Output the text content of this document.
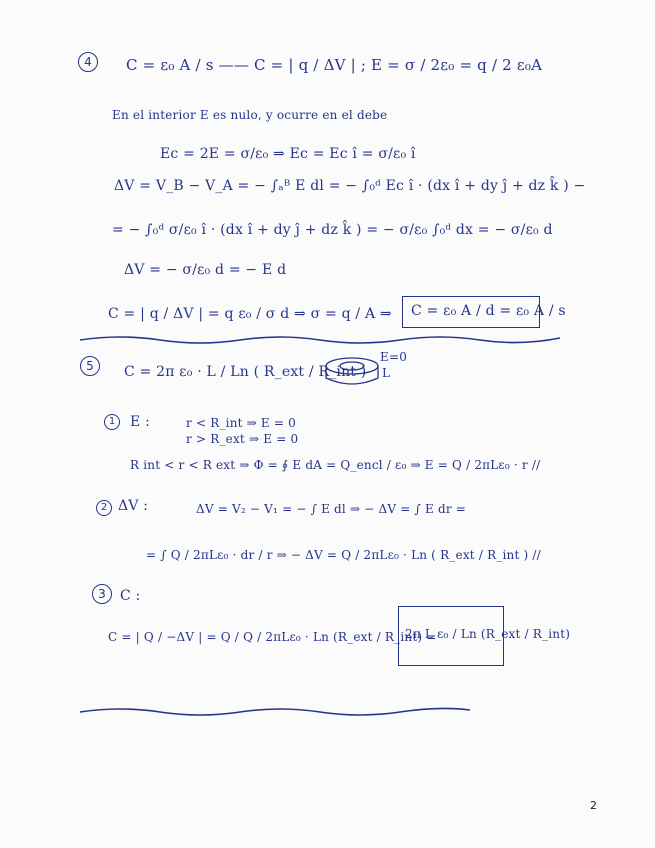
4	C = ε₀ A / s —— C = | q / ΔV | ; E = σ / 2ε₀ = q / 2 ε₀A
En el interior E es nulo, y ocurre en el debe
Ec = 2E = σ/ε₀ ⇒ Ec = Ec î = σ/ε₀ î
ΔV = V_B − V_A = − ∫ₐᴮ E dl = − ∫₀ᵈ Ec î · (dx î + dy ĵ + dz k̂ ) −
= − ∫₀ᵈ σ/ε₀ î · (dx î + dy ĵ + dz k̂ ) = − σ/ε₀ ∫₀ᵈ dx = − σ/ε₀ d
ΔV = − σ/ε₀ d = − E d
C = | q / ΔV | = q ε₀ / σ d ⇒ σ = q / A ⇒ C = ε₀ A / d = ε₀ A / s
5	C = 2π ε₀ · L / Ln ( R_ext / R_int )
E=0
L
1	E :	r < R_int ⇒ E = 0
r > R_ext ⇒ E = 0
R int < r < R ext ⇒ Φ = ∮ E dA = Q_encl / ε₀ ⇒ E = Q / 2πLε₀ · r //
2 ΔV :	ΔV = V₂ − V₁ = − ∫ E dl ⇒ − ΔV = ∫ E dr =
= ∫ Q / 2πLε₀ · dr / r ⇒ − ΔV = Q / 2πLε₀ · Ln ( R_ext / R_int ) //
3	C :
C = | Q / −ΔV | = Q / Q / 2πLε₀ · Ln (R_ext / R_int) =
2π L ε₀ / Ln (R_ext / R_int)
2
